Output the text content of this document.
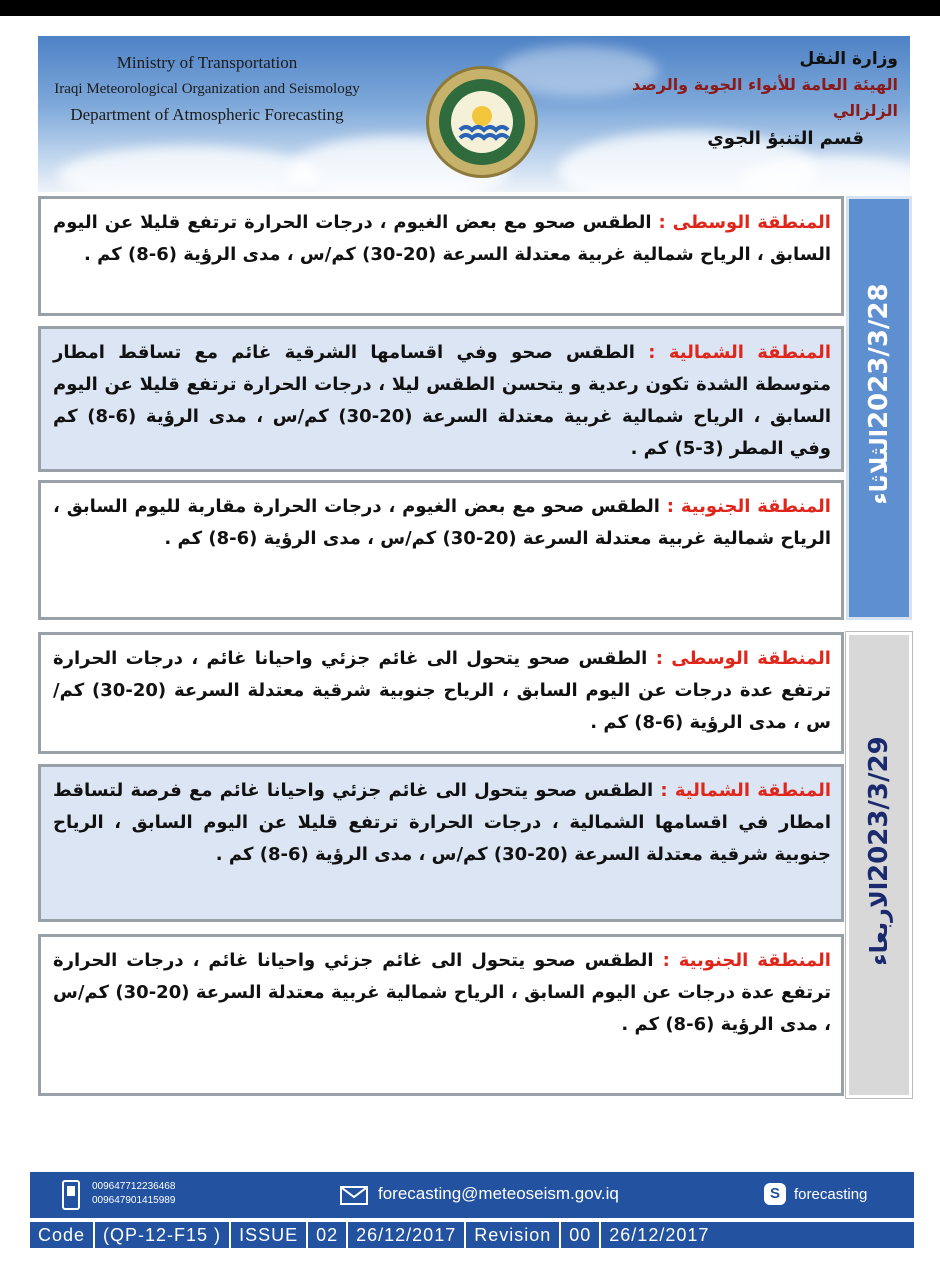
Ministry of Transportation
Iraqi Meteorological Organization and Seismology
Department of Atmospheric Forecasting
وزارة النقل
الهيئة العامة للأنواء الجوية والرصد الزلزالي
قسم التنبؤ الجوي

المنطقة الوسطى : الطقس صحو مع بعض الغيوم ، درجات الحرارة ترتفع قليلا عن اليوم السابق ، الرياح شمالية غربية معتدلة السرعة (20-30) كم/س ، مدى الرؤية (6-8) كم .

المنطقة الشمالية : الطقس صحو وفي اقسامها الشرقية غائم مع تساقط امطار متوسطة الشدة تكون رعدية و يتحسن الطقس ليلا ، درجات الحرارة ترتفع قليلا عن اليوم السابق ، الرياح شمالية غربية معتدلة السرعة (20-30) كم/س ، مدى الرؤية (6-8) كم وفي المطر (3-5) كم .

المنطقة الجنوبية : الطقس صحو مع بعض الغيوم ، درجات الحرارة مقاربة لليوم السابق ، الرياح شمالية غربية معتدلة السرعة (20-30) كم/س ، مدى الرؤية (6-8) كم .

2023/3/28الثلاثاء

المنطقة الوسطى : الطقس صحو يتحول الى غائم جزئي واحيانا غائم ، درجات الحرارة ترتفع عدة درجات عن اليوم السابق ، الرياح جنوبية شرقية معتدلة السرعة (20-30) كم/س ، مدى الرؤية (6-8) كم .

المنطقة الشمالية : الطقس صحو يتحول الى غائم جزئي واحيانا غائم مع فرصة لتساقط امطار في اقسامها الشمالية ، درجات الحرارة ترتفع قليلا عن اليوم السابق ، الرياح جنوبية شرقية معتدلة السرعة (20-30) كم/س ، مدى الرؤية (6-8) كم .

المنطقة الجنوبية : الطقس صحو يتحول الى غائم جزئي واحيانا غائم ، درجات الحرارة ترتفع عدة درجات عن اليوم السابق ، الرياح شمالية غربية معتدلة السرعة (20-30) كم/س ، مدى الرؤية (6-8) كم .

2023/3/29الاربعاء
009647712236468
009647901415989	forecasting@meteoseism.gov.iq	S forecasting
Code	(QP-12-F15 )	ISSUE	02	26/12/2017	Revision	00	26/12/2017
